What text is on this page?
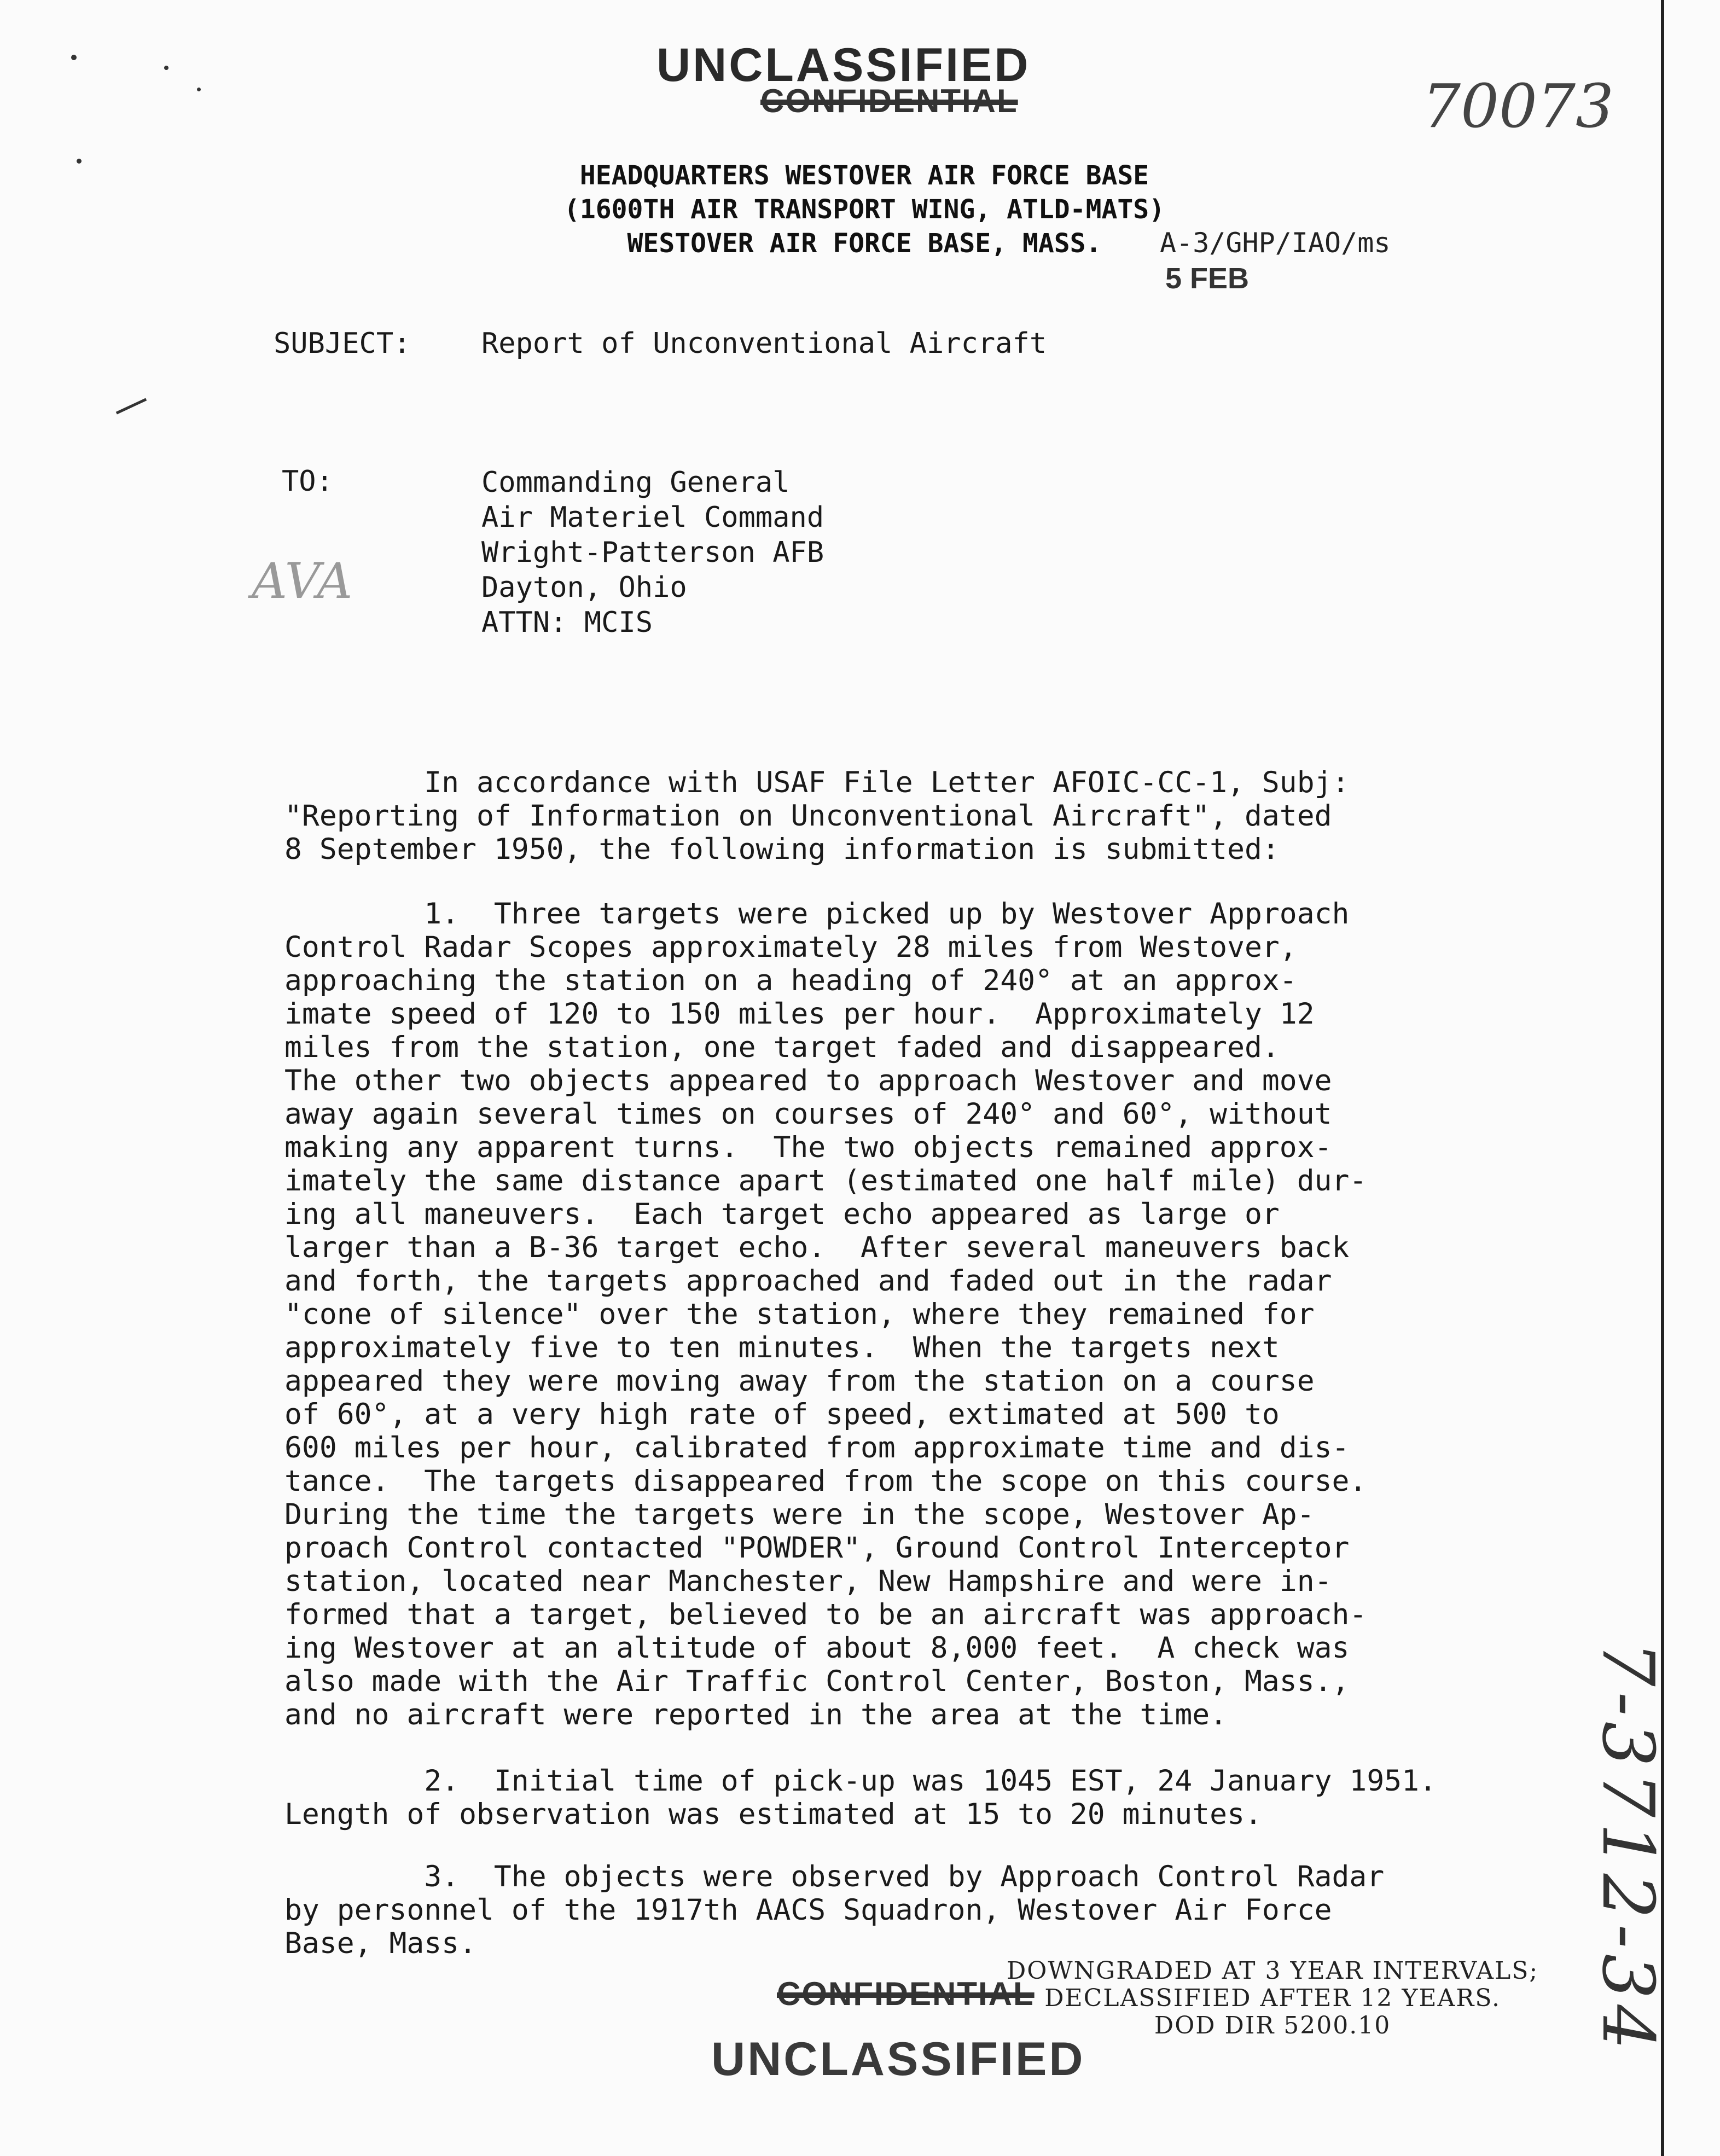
UNCLASSIFIED
CONFIDENTIAL	70073
AVA
7-3712-34
HEADQUARTERS WESTOVER AIR FORCE BASE
(1600TH AIR TRANSPORT WING, ATLD-MATS)
WESTOVER AIR FORCE BASE, MASS.	A-3/GHP/IAO/ms
5 FEB
SUBJECT: Report of Unconventional Aircraft
TO:	Commanding General
Air Materiel Command
Wright-Patterson AFB
Dayton, Ohio
ATTN: MCIS
In accordance with USAF File Letter AFOIC-CC-1, Subj:
"Reporting of Information on Unconventional Aircraft", dated
8 September 1950, the following information is submitted:
1.  Three targets were picked up by Westover Approach
Control Radar Scopes approximately 28 miles from Westover,
approaching the station on a heading of 240° at an approx-
imate speed of 120 to 150 miles per hour.  Approximately 12
miles from the station, one target faded and disappeared.
The other two objects appeared to approach Westover and move
away again several times on courses of 240° and 60°, without
making any apparent turns.  The two objects remained approx-
imately the same distance apart (estimated one half mile) dur-
ing all maneuvers.  Each target echo appeared as large or
larger than a B-36 target echo.  After several maneuvers back
and forth, the targets approached and faded out in the radar
"cone of silence" over the station, where they remained for
approximately five to ten minutes.  When the targets next
appeared they were moving away from the station on a course
of 60°, at a very high rate of speed, extimated at 500 to
600 miles per hour, calibrated from approximate time and dis-
tance.  The targets disappeared from the scope on this course.
During the time the targets were in the scope, Westover Ap-
proach Control contacted "POWDER", Ground Control Interceptor
station, located near Manchester, New Hampshire and were in-
formed that a target, believed to be an aircraft was approach-
ing Westover at an altitude of about 8,000 feet.  A check was
also made with the Air Traffic Control Center, Boston, Mass.,
and no aircraft were reported in the area at the time.
2.  Initial time of pick-up was 1045 EST, 24 January 1951.
Length of observation was estimated at 15 to 20 minutes.
3.  The objects were observed by Approach Control Radar
by personnel of the 1917th AACS Squadron, Westover Air Force
Base, Mass.
CONFIDENTIAL
UNCLASSIFIED
DOWNGRADED AT 3 YEAR INTERVALS;
DECLASSIFIED AFTER 12 YEARS.
DOD DIR 5200.10
